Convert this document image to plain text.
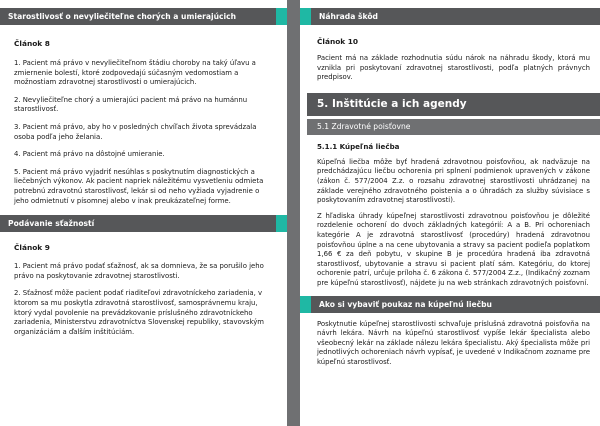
Starostlivosť o nevyliečiteľne chorých a umierajúcich

Článok 8

1. Pacient má právo v nevyliečiteľnom štádiu choroby na taký úľavu a zmiernenie bolestí, ktoré zodpovedajú súčasným vedomostiam a možnostiam zdravotnej starostlivosti o umierajúcich.

2. Nevyliečiteľne chorý a umierajúci pacient má právo na humánnu starostlivosť.

3. Pacient má právo, aby ho v posledných chvíľach života sprevádzala osoba podľa jeho želania.

4. Pacient má právo na dôstojné umieranie.

5. Pacient má právo vyjadriť nesúhlas s poskytnutím diagnostických a liečebných výkonov. Ak pacient napriek náležitému vysvetleniu odmieta potrebnú zdravotnú starostlivosť, lekár si od neho vyžiada vyjadrenie o jeho odmietnutí v písomnej alebo v inak preukázateľnej forme.

Podávanie sťažností

Článok 9

1. Pacient má právo podať sťažnosť, ak sa domnieva, že sa porušilo jeho právo na poskytovanie zdravotnej starostlivosti.

2. Sťažnosť môže pacient podať riaditeľovi zdravotníckeho zariadenia, v ktorom sa mu poskytla zdravotná starostlivosť, samosprávnemu kraju, ktorý vydal povolenie na prevádzkovanie príslušného zdravotníckeho zariadenia, Ministerstvu zdravotníctva Slovenskej republiky, stavovským organizáciám a ďalším inštitúciám.

Náhrada škôd

Článok 10

Pacient má na základe rozhodnutia súdu nárok na náhradu škody, ktorá mu vznikla pri poskytovaní zdravotnej starostlivosti, podľa platných právnych predpisov.

5. Inštitúcie a ich agendy
5.1 Zdravotné poisťovne

5.1.1 Kúpeľná liečba

Kúpeľná liečba môže byť hradená zdravotnou poisťovňou, ak nadväzuje na predchádzajúcu liečbu ochorenia pri splnení podmienok upravených v zákone (zákon č. 577/2004 Z.z. o rozsahu zdravotnej starostlivosti uhrádzanej na základe verejného zdravotného poistenia a o úhradách za služby súvisiace s poskytovaním zdravotnej starostlivosti).

Z hľadiska úhrady kúpeľnej starostlivosti zdravotnou poisťovňou je dôležité rozdelenie ochorení do dvoch základných kategórií: A a B. Pri ochoreniach kategórie A je zdravotná starostlivosť (procedúry) hradená zdravotnou poisťovňou úplne a na cene ubytovania a stravy sa pacient podieľa poplatkom 1,66 € za deň pobytu, v skupine B je procedúra hradená iba zdravotná starostlivosť, ubytovanie a stravu si pacient platí sám. Kategóriu, do ktorej ochorenie patrí, určuje príloha č. 6 zákona č. 577/2004 Z.z., (Indikačný zoznam pre kúpeľnú starostlivosť), nájdete ju na web stránkach zdravotných poisťovní.

Ako si vybaviť poukaz na kúpeľnú liečbu

Poskytnutie kúpeľnej starostlivosti schvaľuje príslušná zdravotná poisťovňa na návrh lekára. Návrh na kúpeľnú starostlivosť vypíše lekár špecialista alebo všeobecný lekár na základe nálezu lekára špecialistu. Aký špecialista môže pri jednotlivých ochoreniach návrh vypísať, je uvedené v Indikačnom zozname pre kúpeľnú starostlivosť.
